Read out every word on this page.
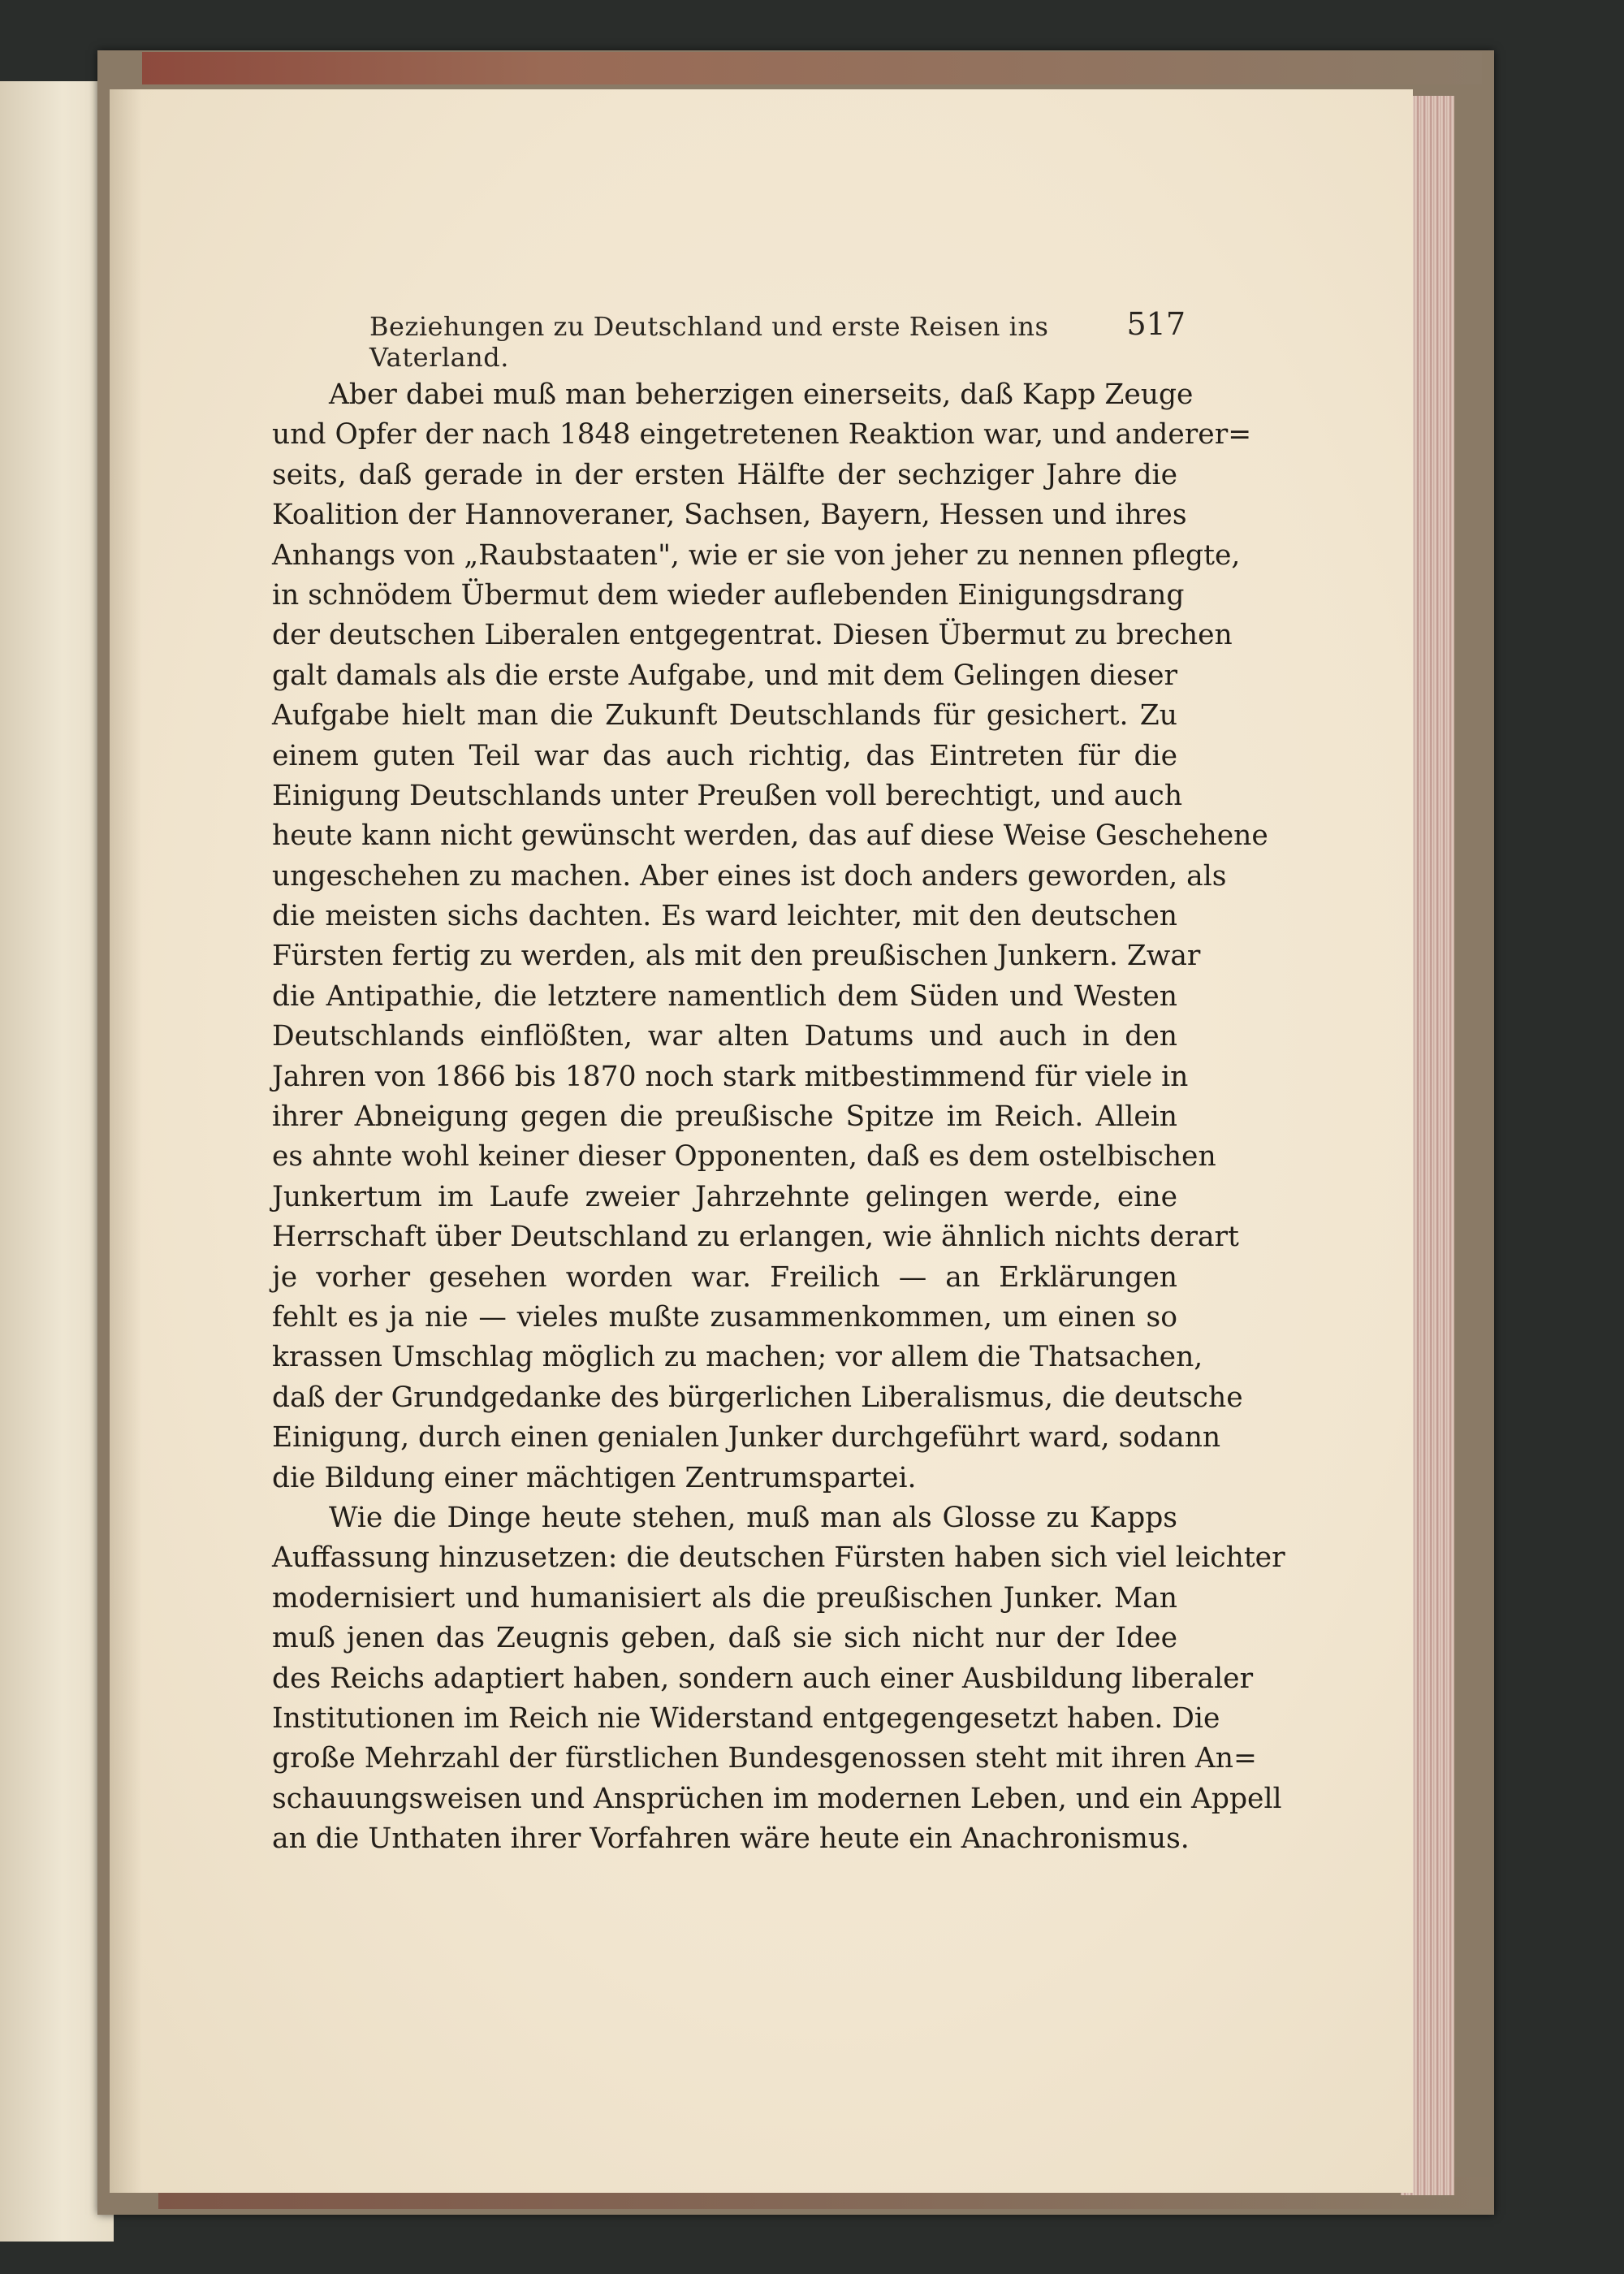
Beziehungen zu Deutschland und erste Reisen ins Vaterland.
517
Aber dabei muß man beherzigen einerseits, daß Kapp Zeuge
und Opfer der nach 1848 eingetretenen Reaktion war, und anderer=
seits, daß gerade in der ersten Hälfte der sechziger Jahre die
Koalition der Hannoveraner, Sachsen, Bayern, Hessen und ihres
Anhangs von „Raubstaaten", wie er sie von jeher zu nennen pflegte,
in schnödem Übermut dem wieder auflebenden Einigungsdrang
der deutschen Liberalen entgegentrat. Diesen Übermut zu brechen
galt damals als die erste Aufgabe, und mit dem Gelingen dieser
Aufgabe hielt man die Zukunft Deutschlands für gesichert. Zu
einem guten Teil war das auch richtig, das Eintreten für die
Einigung Deutschlands unter Preußen voll berechtigt, und auch
heute kann nicht gewünscht werden, das auf diese Weise Geschehene
ungeschehen zu machen. Aber eines ist doch anders geworden, als
die meisten sichs dachten. Es ward leichter, mit den deutschen
Fürsten fertig zu werden, als mit den preußischen Junkern. Zwar
die Antipathie, die letztere namentlich dem Süden und Westen
Deutschlands einflößten, war alten Datums und auch in den
Jahren von 1866 bis 1870 noch stark mitbestimmend für viele in
ihrer Abneigung gegen die preußische Spitze im Reich. Allein
es ahnte wohl keiner dieser Opponenten, daß es dem ostelbischen
Junkertum im Laufe zweier Jahrzehnte gelingen werde, eine
Herrschaft über Deutschland zu erlangen, wie ähnlich nichts derart
je vorher gesehen worden war. Freilich — an Erklärungen
fehlt es ja nie — vieles mußte zusammenkommen, um einen so
krassen Umschlag möglich zu machen; vor allem die Thatsachen,
daß der Grundgedanke des bürgerlichen Liberalismus, die deutsche
Einigung, durch einen genialen Junker durchgeführt ward, sodann
die Bildung einer mächtigen Zentrumspartei.
Wie die Dinge heute stehen, muß man als Glosse zu Kapps
Auffassung hinzusetzen: die deutschen Fürsten haben sich viel leichter
modernisiert und humanisiert als die preußischen Junker. Man
muß jenen das Zeugnis geben, daß sie sich nicht nur der Idee
des Reichs adaptiert haben, sondern auch einer Ausbildung liberaler
Institutionen im Reich nie Widerstand entgegengesetzt haben. Die
große Mehrzahl der fürstlichen Bundesgenossen steht mit ihren An=
schauungsweisen und Ansprüchen im modernen Leben, und ein Appell
an die Unthaten ihrer Vorfahren wäre heute ein Anachronismus.
